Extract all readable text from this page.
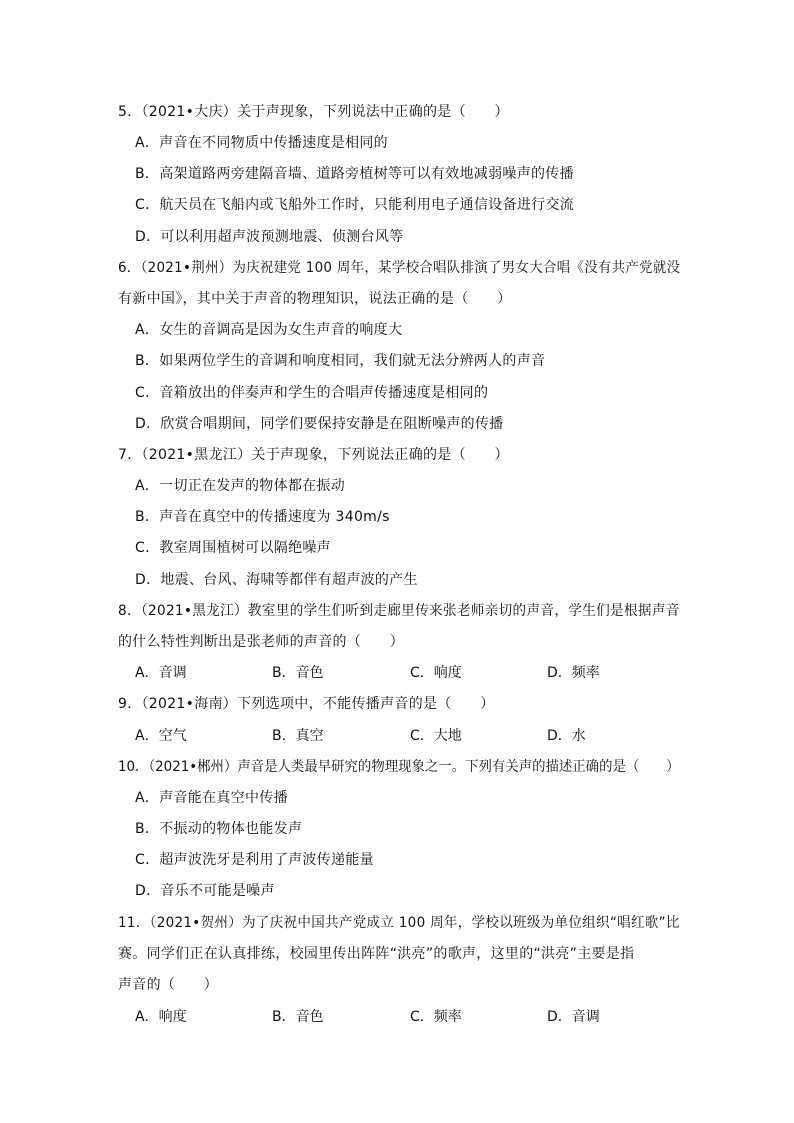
5．（2021•大庆）关于声现象，下列说法中正确的是（　　）
A．声音在不同物质中传播速度是相同的
B．高架道路两旁建隔音墙、道路旁植树等可以有效地减弱噪声的传播
C．航天员在飞船内或飞船外工作时，只能利用电子通信设备进行交流
D．可以利用超声波预测地震、侦测台风等
6．（2021•荆州）为庆祝建党 100 周年，某学校合唱队排演了男女大合唱《没有共产党就没
有新中国》，其中关于声音的物理知识，说法正确的是（　　）
A．女生的音调高是因为女生声音的响度大
B．如果两位学生的音调和响度相同，我们就无法分辨两人的声音
C．音箱放出的伴奏声和学生的合唱声传播速度是相同的
D．欣赏合唱期间，同学们要保持安静是在阻断噪声的传播
7．（2021•黑龙江）关于声现象，下列说法正确的是（　　）
A．一切正在发声的物体都在振动
B．声音在真空中的传播速度为 340m/s
C．教室周围植树可以隔绝噪声
D．地震、台风、海啸等都伴有超声波的产生
8．（2021•黑龙江）教室里的学生们听到走廊里传来张老师亲切的声音，学生们是根据声音
的什么特性判断出是张老师的声音的（　　）
A．音调	B．音色	C．响度	D．频率
9．（2021•海南）下列选项中，不能传播声音的是（　　）
A．空气	B．真空	C．大地	D．水
10．（2021•郴州）声音是人类最早研究的物理现象之一。下列有关声的描述正确的是（　　）
A．声音能在真空中传播
B．不振动的物体也能发声
C．超声波洗牙是利用了声波传递能量
D．音乐不可能是噪声
11．（2021•贺州）为了庆祝中国共产党成立 100 周年，学校以班级为单位组织“唱红歌”比
赛。同学们正在认真排练，校园里传出阵阵“洪亮”的歌声，这里的“洪亮”主要是指
声音的（　　）
A．响度	B．音色	C．频率	D．音调
